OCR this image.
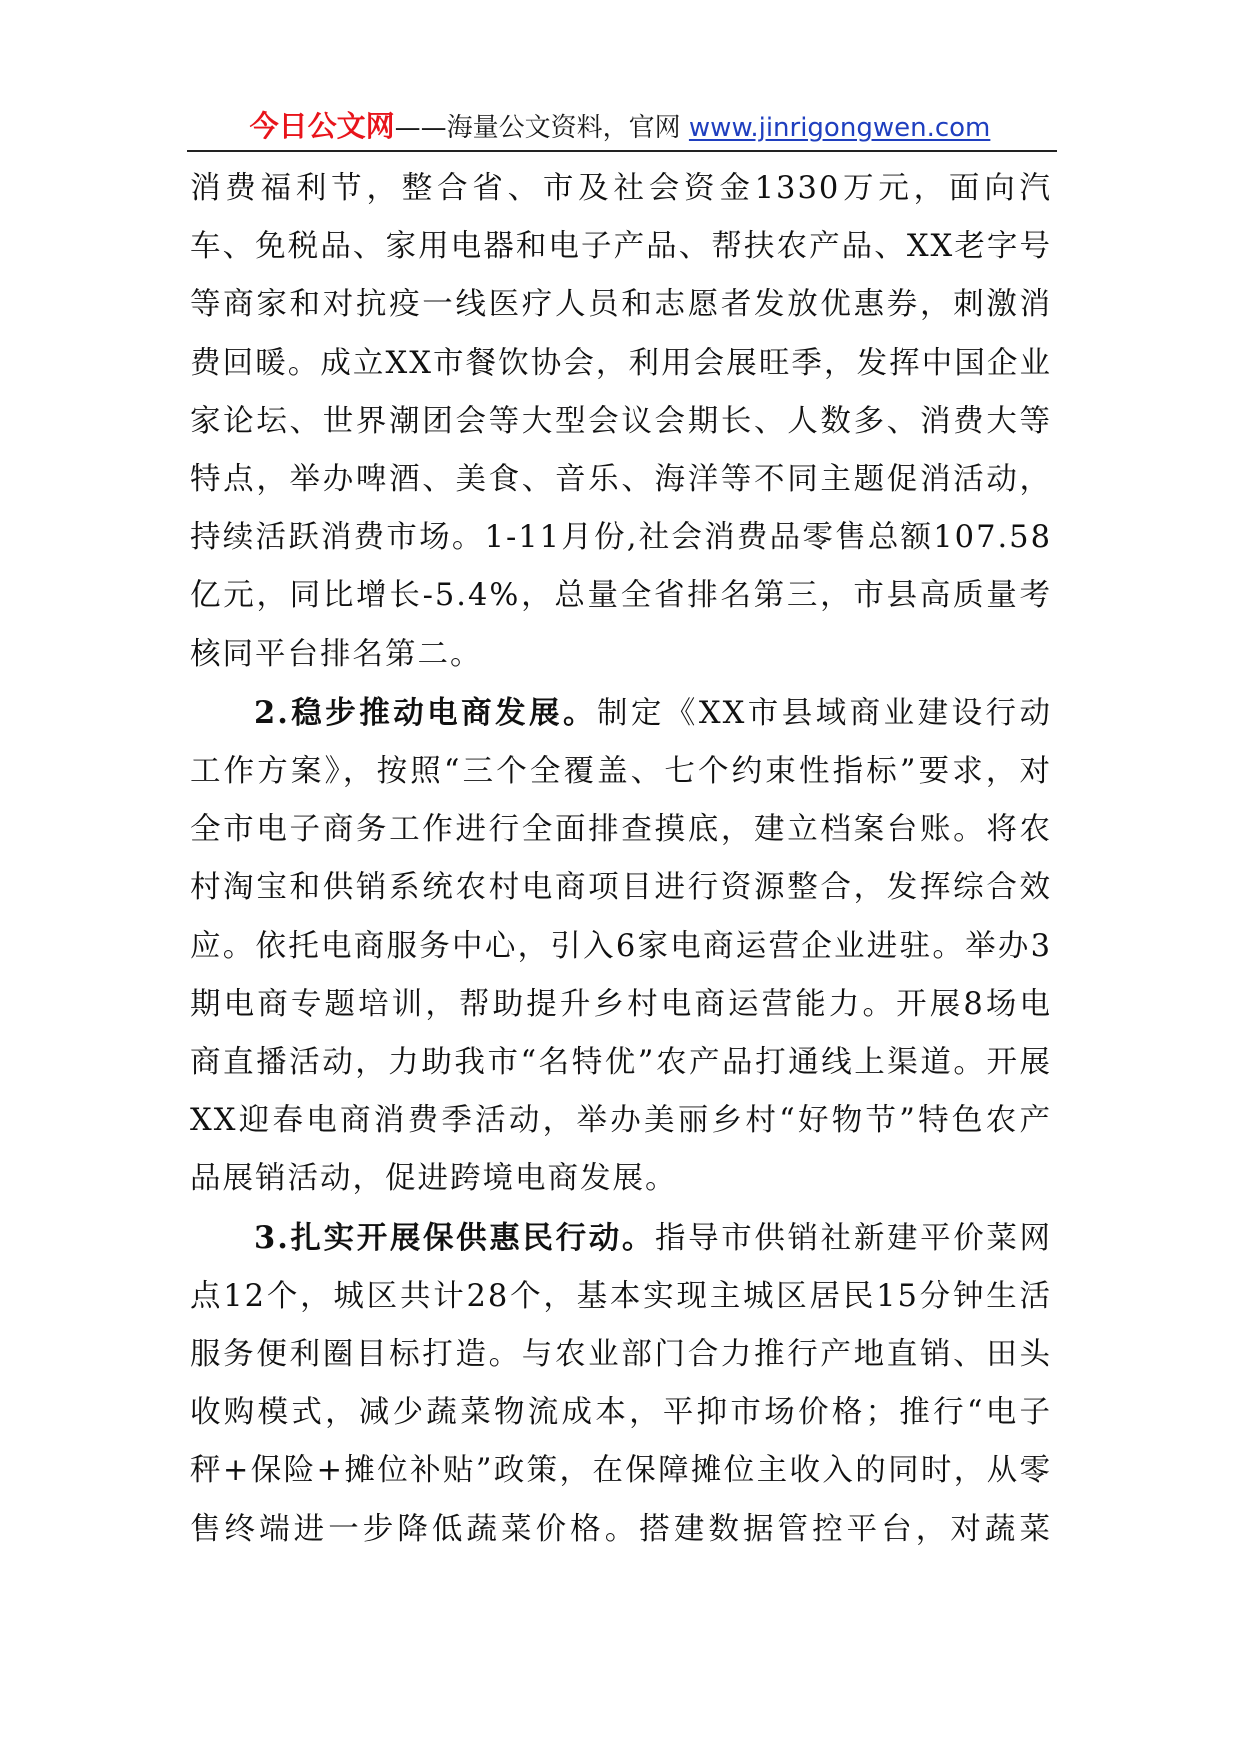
今日公文网——海量公文资料，官网 www.jinrigongwen.com

消费福利节，整合省、市及社会资金1330万元，面向汽车、免税品、家用电器和电子产品、帮扶农产品、XX老字号等商家和对抗疫一线医疗人员和志愿者发放优惠券，刺激消费回暖。成立XX市餐饮协会，利用会展旺季，发挥中国企业家论坛、世界潮团会等大型会议会期长、人数多、消费大等特点，举办啤酒、美食、音乐、海洋等不同主题促消活动，持续活跃消费市场。1-11月份,社会消费品零售总额107.58亿元，同比增长-5.4%，总量全省排名第三，市县高质量考核同平台排名第二。

2.稳步推动电商发展。制定《XX市县域商业建设行动工作方案》，按照“三个全覆盖、七个约束性指标”要求，对全市电子商务工作进行全面排查摸底，建立档案台账。将农村淘宝和供销系统农村电商项目进行资源整合，发挥综合效应。依托电商服务中心，引入6家电商运营企业进驻。举办3期电商专题培训，帮助提升乡村电商运营能力。开展8场电商直播活动，力助我市“名特优”农产品打通线上渠道。开展XX迎春电商消费季活动，举办美丽乡村“好物节”特色农产品展销活动，促进跨境电商发展。

3.扎实开展保供惠民行动。指导市供销社新建平价菜网点12个，城区共计28个，基本实现主城区居民15分钟生活服务便利圈目标打造。与农业部门合力推行产地直销、田头收购模式，减少蔬菜物流成本，平抑市场价格；推行“电子秤+保险+摊位补贴”政策，在保障摊位主收入的同时，从零售终端进一步降低蔬菜价格。搭建数据管控平台，对蔬菜
